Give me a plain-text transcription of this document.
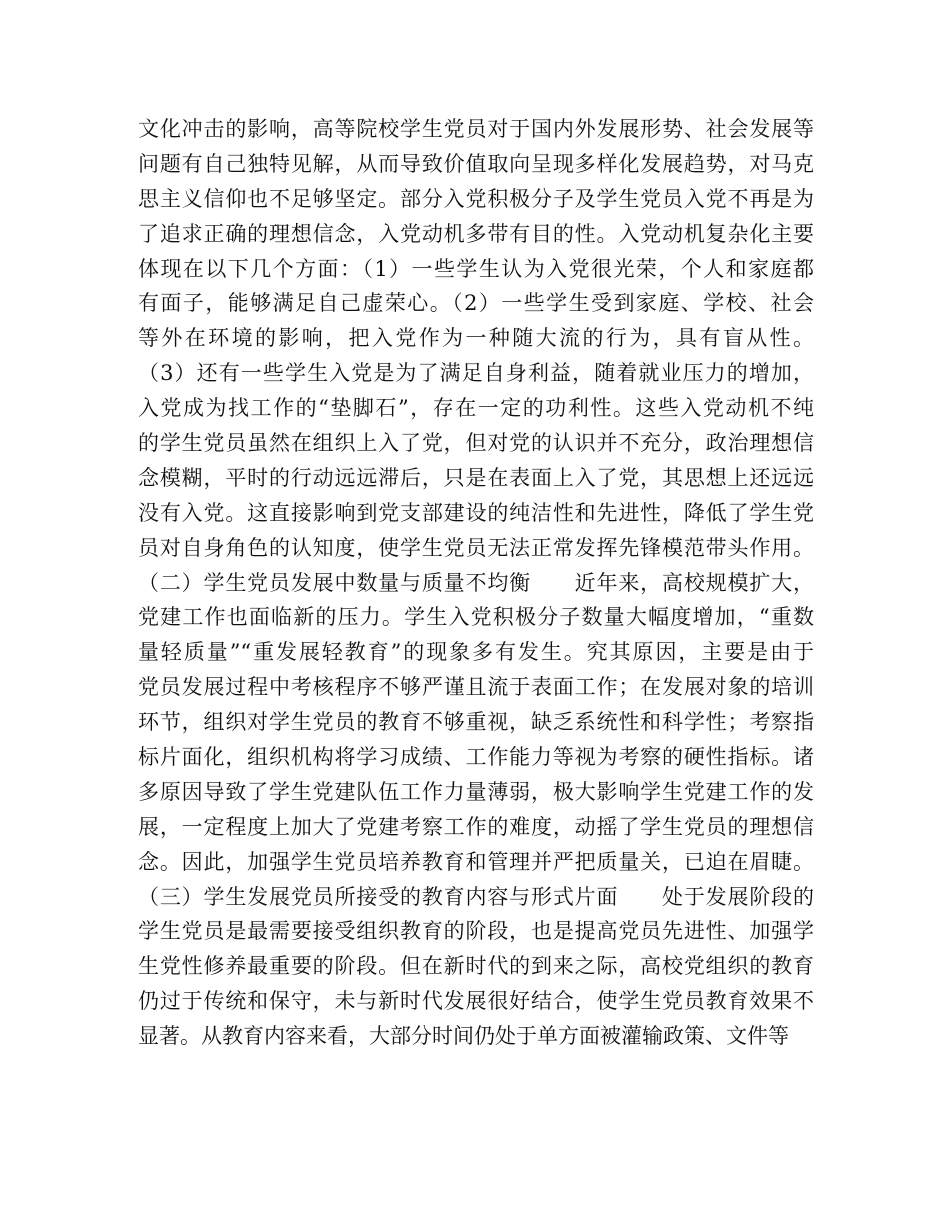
文化冲击的影响，高等院校学生党员对于国内外发展形势、社会发展等
问题有自己独特见解，从而导致价值取向呈现多样化发展趋势，对马克
思主义信仰也不足够坚定。部分入党积极分子及学生党员入党不再是为
了追求正确的理想信念，入党动机多带有目的性。入党动机复杂化主要
体现在以下几个方面：（1）一些学生认为入党很光荣，个人和家庭都
有面子，能够满足自己虚荣心。（2）一些学生受到家庭、学校、社会
等外在环境的影响，把入党作为一种随大流的行为，具有盲从性。
（3）还有一些学生入党是为了满足自身利益，随着就业压力的增加，
入党成为找工作的“垫脚石”，存在一定的功利性。这些入党动机不纯
的学生党员虽然在组织上入了党，但对党的认识并不充分，政治理想信
念模糊，平时的行动远远滞后，只是在表面上入了党，其思想上还远远
没有入党。这直接影响到党支部建设的纯洁性和先进性，降低了学生党
员对自身角色的认知度，使学生党员无法正常发挥先锋模范带头作用。
（二）学生党员发展中数量与质量不均衡　　近年来，高校规模扩大，
党建工作也面临新的压力。学生入党积极分子数量大幅度增加，“重数
量轻质量”“重发展轻教育”的现象多有发生。究其原因，主要是由于
党员发展过程中考核程序不够严谨且流于表面工作；在发展对象的培训
环节，组织对学生党员的教育不够重视，缺乏系统性和科学性；考察指
标片面化，组织机构将学习成绩、工作能力等视为考察的硬性指标。诸
多原因导致了学生党建队伍工作力量薄弱，极大影响学生党建工作的发
展，一定程度上加大了党建考察工作的难度，动摇了学生党员的理想信
念。因此，加强学生党员培养教育和管理并严把质量关，已迫在眉睫。
（三）学生发展党员所接受的教育内容与形式片面　　处于发展阶段的
学生党员是最需要接受组织教育的阶段，也是提高党员先进性、加强学
生党性修养最重要的阶段。但在新时代的到来之际，高校党组织的教育
仍过于传统和保守，未与新时代发展很好结合，使学生党员教育效果不
显著。从教育内容来看，大部分时间仍处于单方面被灌输政策、文件等
